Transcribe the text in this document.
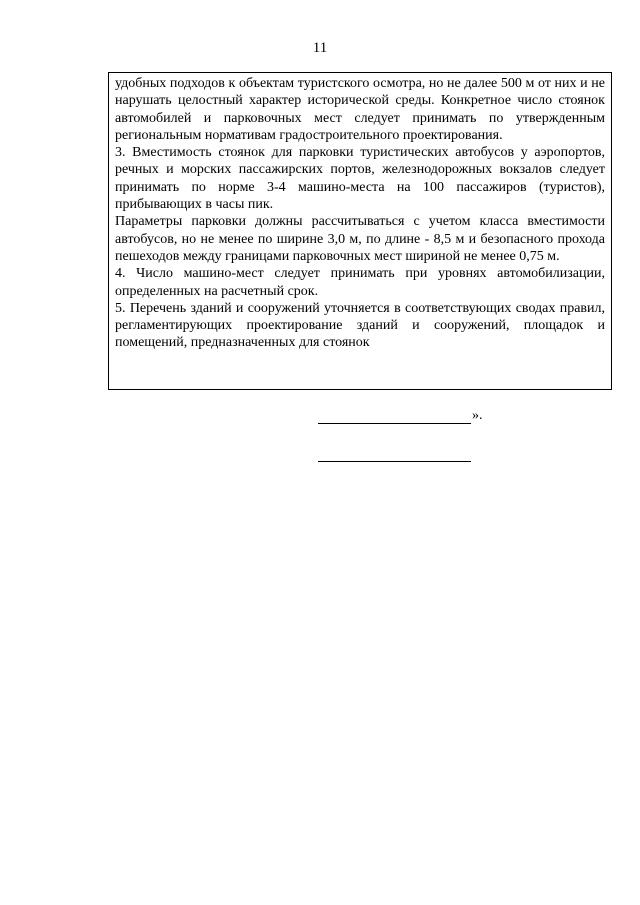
11

удобных подходов к объектам туристского осмотра, но не далее 500 м от них и не нарушать целостный характер исторической среды. Конкретное число стоянок автомобилей и парковочных мест следует принимать по утвержденным региональным нормативам градостроительного проектирования.

3. Вместимость стоянок для парковки туристических автобусов у аэропортов, речных и морских пассажирских портов, железнодорожных вокзалов следует принимать по норме 3-4 машино-места на 100 пассажиров (туристов), прибывающих в часы пик.

Параметры парковки должны рассчитываться с учетом класса вместимости автобусов, но не менее по ширине 3,0 м, по длине - 8,5 м и безопасного прохода пешеходов между границами парковочных мест шириной не менее 0,75 м.

4. Число машино-мест следует принимать при уровнях автомобилизации, определенных на расчетный срок.

5. Перечень зданий и сооружений уточняется в соответствующих сводах правил, регламентирующих проектирование зданий и сооружений, площадок и помещений, предназначенных для стоянок

».
